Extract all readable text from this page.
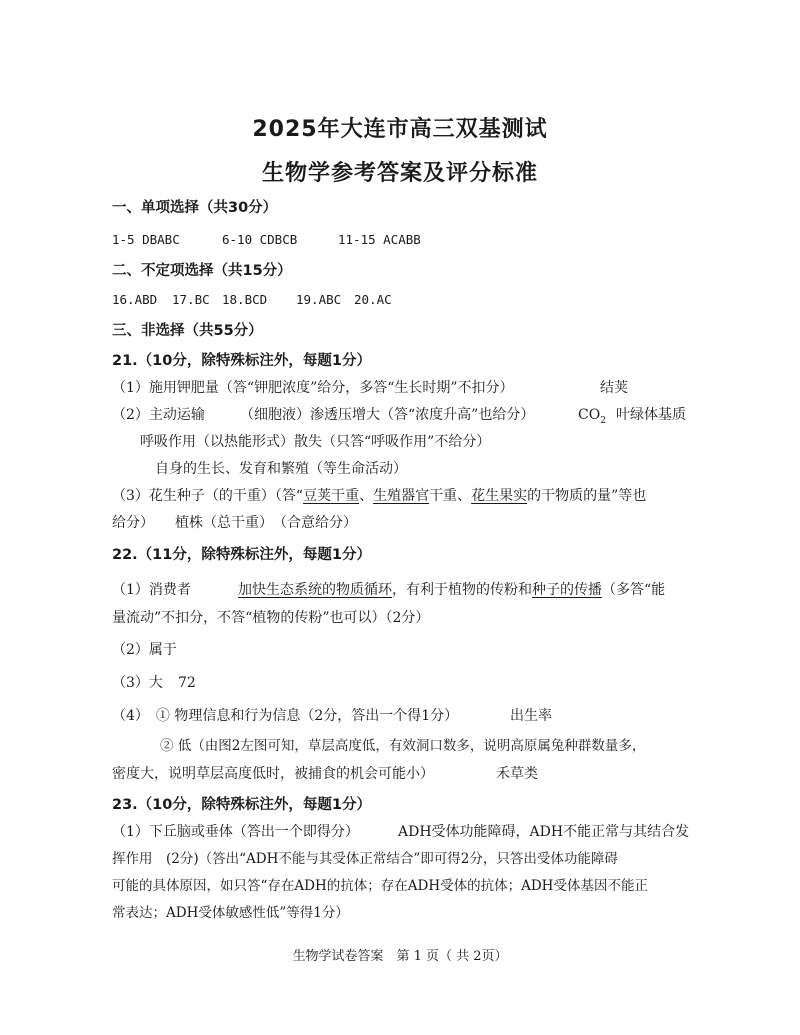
2025年大连市高三双基测试
生物学参考答案及评分标准
一、单项选择（共30分）
1-5 DBABC	6-10 CDBCB	11-15 ACABB
二、不定项选择（共15分）
16.ABD 17.BC 18.BCD 19.ABC 20.AC
三、非选择（共55分）
21.（10分，除特殊标注外，每题1分）
（1）施用钾肥量（答“钾肥浓度”给分，多答“生长时期”不扣分）	结荚
（2）主动运输	（细胞液）渗透压增大（答“浓度升高”也给分）	$CO_2$ 叶绿体基质
呼吸作用（以热能形式）散失（只答“呼吸作用”不给分）
自身的生长、发育和繁殖（等生命活动）
（3）花生种子（的干重）（答“豆荚干重、生殖器官干重、花生果实的干物质的量”等也
给分）　　植株（总干重）　（合意给分）
22.（11分，除特殊标注外，每题1分）
（1）消费者	加快生态系统的物质循环，有利于植物的传粉和种子的传播（多答“能
量流动”不扣分，不答“植物的传粉”也可以）（2分）
（2）属于
（3）大 72
（4）　① 物理信息和行为信息（2分，答出一个得1分）	出生率
② 低（由图2左图可知，草层高度低，有效洞口数多，说明高原属兔种群数量多，
密度大，说明草层高度低时，被捕食的机会可能小）	禾草类
23.（10分，除特殊标注外，每题1分）
（1）下丘脑或垂体（答出一个即得分）	ADH受体功能障碍，ADH不能正常与其结合发
挥作用　(2分)（答出“ADH不能与其受体正常结合”即可得2分，只答出受体功能障碍
可能的具体原因，如只答“存在ADH的抗体；存在ADH受体的抗体；ADH受体基因不能正
常表达；ADH受体敏感性低”等得1分）
生物学试卷答案　第 1 页（ 共 2页）
